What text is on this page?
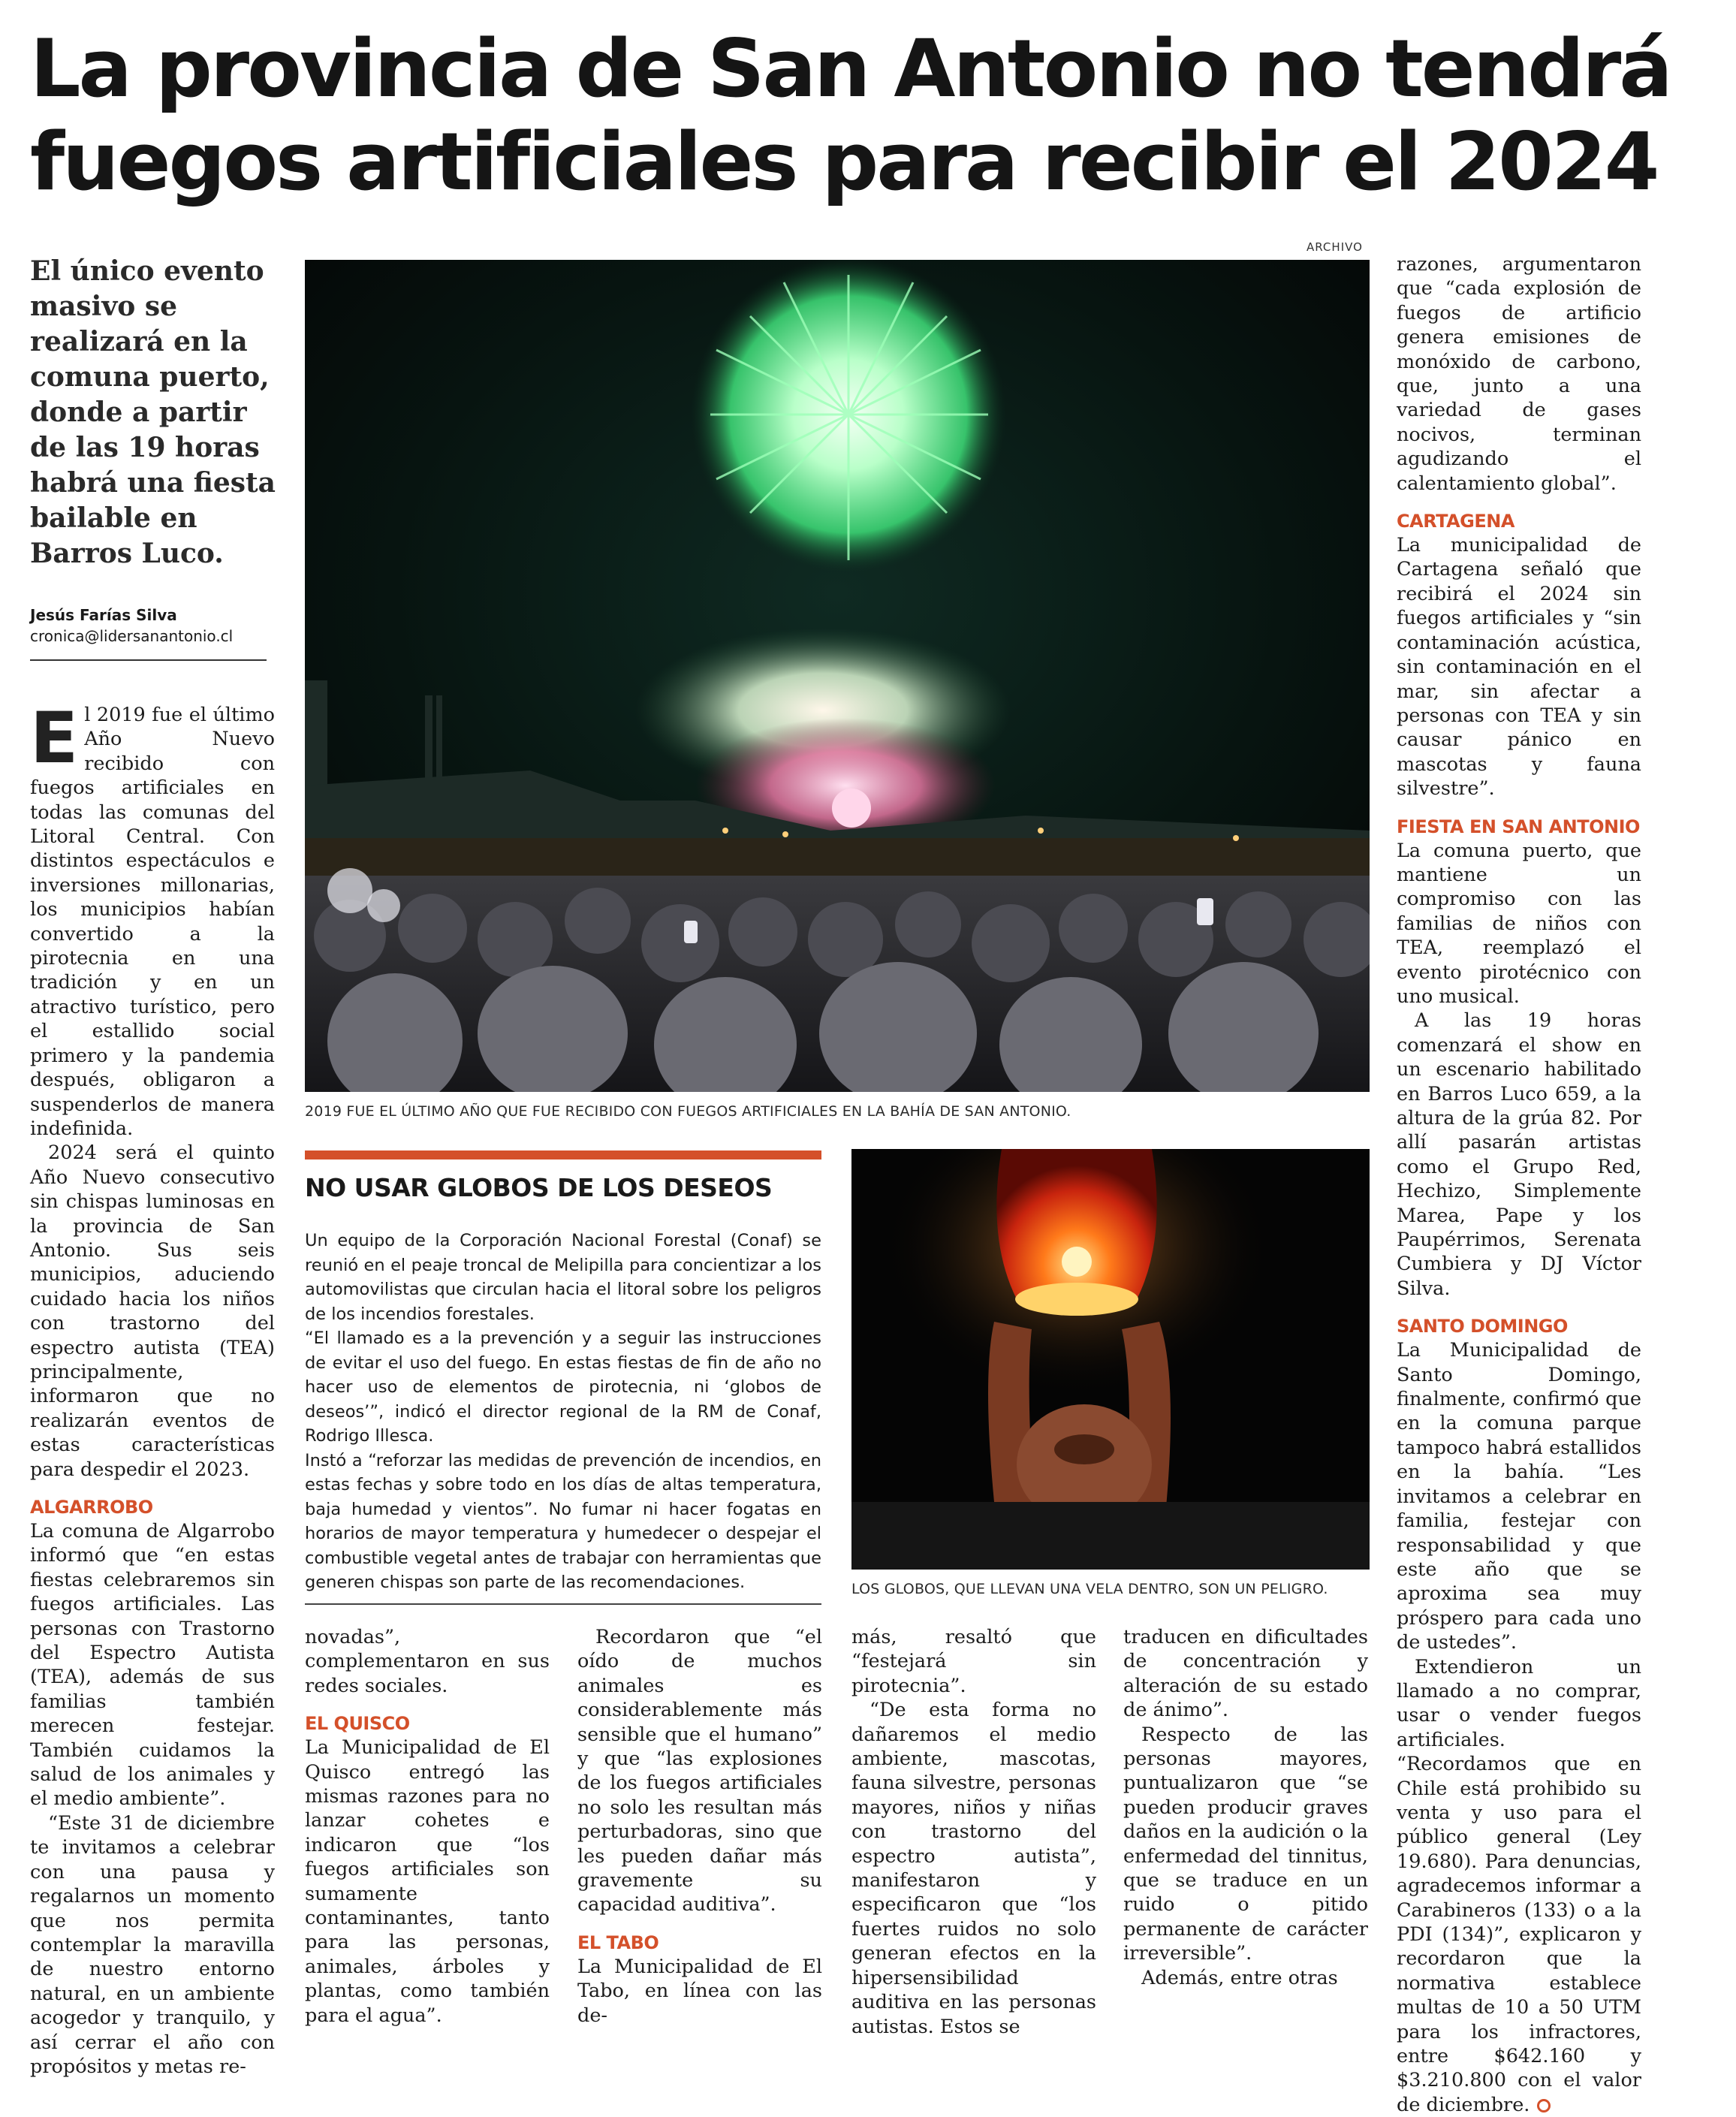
La provincia de San Antonio no tendrá fuegos artificiales para recibir el 2024
El único evento masivo se realizará en la comuna puerto, donde a partir de las 19 horas habrá una fiesta bailable en Barros Luco.
Jesús Farías Silva
cronica@lidersanantonio.cl

El 2019 fue el último Año Nuevo recibido con fuegos artificiales en todas las comunas del Litoral Central. Con distintos espectáculos e inversiones millonarias, los municipios habían convertido a la pirotecnia en una tradición y en un atractivo turístico, pero el estallido social primero y la pandemia después, obligaron a suspenderlos de manera indefinida.

2024 será el quinto Año Nuevo consecutivo sin chispas luminosas en la provincia de San Antonio. Sus seis municipios, aduciendo cuidado hacia los niños con trastorno del espectro autista (TEA) principalmente, informaron que no realizarán eventos de estas características para despedir el 2023.

ALGARROBO

La comuna de Algarrobo informó que “en estas fiestas celebraremos sin fuegos artificiales. Las personas con Trastorno del Espectro Autista (TEA), además de sus familias también merecen festejar. También cuidamos la salud de los animales y el medio ambiente”.

“Este 31 de diciembre te invitamos a celebrar con una pausa y regalarnos un momento que nos permita contemplar la maravilla de nuestro entorno natural, en un ambiente acogedor y tranquilo, y así cerrar el año con propósitos y metas re-

ARCHIVO
2019 FUE EL ÚLTIMO AÑO QUE FUE RECIBIDO CON FUEGOS ARTIFICIALES EN LA BAHÍA DE SAN ANTONIO.
NO USAR GLOBOS DE LOS DESEOS

Un equipo de la Corporación Nacional Forestal (Conaf) se reunió en el peaje troncal de Melipilla para concientizar a los automovilistas que circulan hacia el litoral sobre los peligros de los incendios forestales.

“El llamado es a la prevención y a seguir las instrucciones de evitar el uso del fuego. En estas fiestas de fin de año no hacer uso de elementos de pirotecnia, ni ‘globos de deseos’”, indicó el director regional de la RM de Conaf, Rodrigo Illesca.

Instó a “reforzar las medidas de prevención de incendios, en estas fechas y sobre todo en los días de altas temperatura, baja humedad y vientos”. No fumar ni hacer fogatas en horarios de mayor temperatura y humedecer o despejar el combustible vegetal antes de trabajar con herramientas que generen chispas son parte de las recomendaciones.	LOS GLOBOS, QUE LLEVAN UNA VELA DENTRO, SON UN PELIGRO.

novadas”, complementaron en sus redes sociales.

EL QUISCO

La Municipalidad de El Quisco entregó las mismas razones para no lanzar cohetes e indicaron que “los fuegos artificiales son sumamente contaminantes, tanto para las personas, animales, árboles y plantas, como también para el agua”.

Recordaron que “el oído de muchos animales es considerablemente más sensible que el humano” y que “las explosiones de los fuegos artificiales no solo les resultan más perturbadoras, sino que les pueden dañar más gravemente su capacidad auditiva”.

EL TABO

La Municipalidad de El Tabo, en línea con las de-

más, resaltó que “festejará sin pirotecnia”.

“De esta forma no dañaremos el medio ambiente, mascotas, fauna silvestre, personas mayores, niños y niñas con trastorno del espectro autista”, manifestaron y especificaron que “los fuertes ruidos no solo generan efectos en la hipersensibilidad auditiva en las personas autistas. Estos se

traducen en dificultades de concentración y alteración de su estado de ánimo”.

Respecto de las personas mayores, puntualizaron que “se pueden producir graves daños en la audición o la enfermedad del tinnitus, que se traduce en un ruido o pitido permanente de carácter irreversible”.

Además, entre otras

razones, argumentaron que “cada explosión de fuegos de artificio genera emisiones de monóxido de carbono, que, junto a una variedad de gases nocivos, terminan agudizando el calentamiento global”.

CARTAGENA

La municipalidad de Cartagena señaló que recibirá el 2024 sin fuegos artificiales y “sin contaminación acústica, sin contaminación en el mar, sin afectar a personas con TEA y sin causar pánico en mascotas y fauna silvestre”.

FIESTA EN SAN ANTONIO

La comuna puerto, que mantiene un compromiso con las familias de niños con TEA, reemplazó el evento pirotécnico con uno musical.

A las 19 horas comenzará el show en un escenario habilitado en Barros Luco 659, a la altura de la grúa 82. Por allí pasarán artistas como el Grupo Red, Hechizo, Simplemente Marea, Pape y los Paupérrimos, Serenata Cumbiera y DJ Víctor Silva.

SANTO DOMINGO

La Municipalidad de Santo Domingo, finalmente, confirmó que en la comuna parque tampoco habrá estallidos en la bahía. “Les invitamos a celebrar en familia, festejar con responsabilidad y que este año que se aproxima sea muy próspero para cada uno de ustedes”.

Extendieron un llamado a no comprar, usar o vender fuegos artificiales. “Recordamos que en Chile está prohibido su venta y uso para el público general (Ley 19.680). Para denuncias, agradecemos informar a Carabineros (133) o a la PDI (134)”, explicaron y recordaron que la normativa establece multas de 10 a 50 UTM para los infractores, entre $642.160 y $3.210.800 con el valor de diciembre.
